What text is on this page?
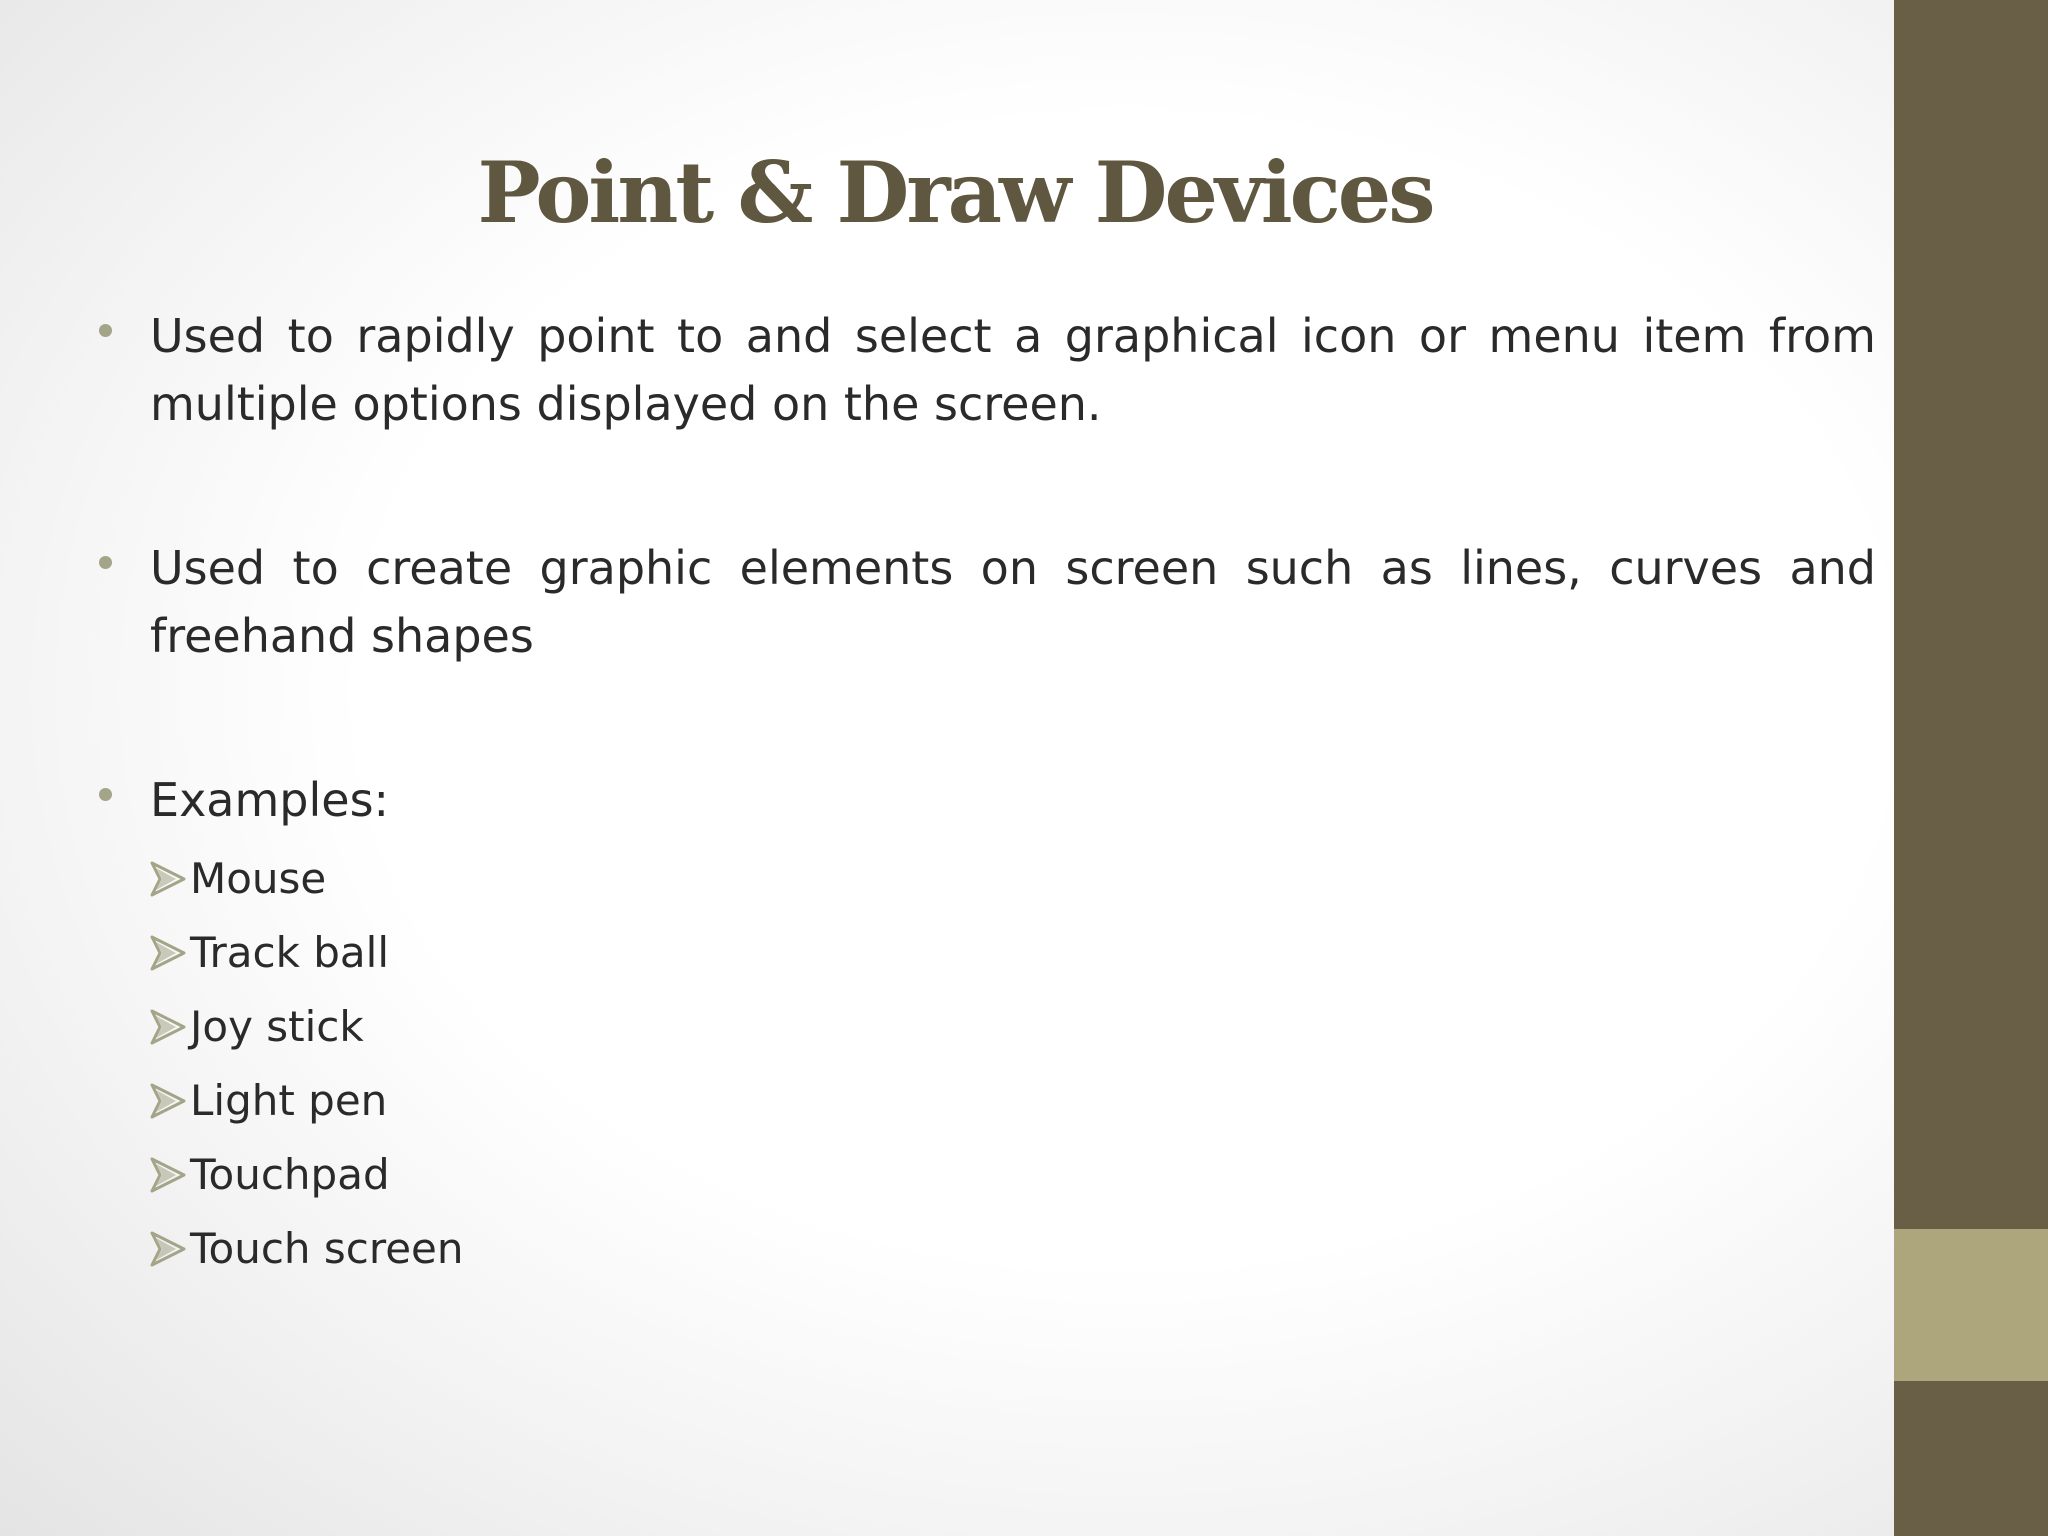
Point & Draw Devices
Used to rapidly point to and select a graphical icon or menu item from multiple options displayed on the screen.
Used to create graphic elements on screen such as lines, curves and freehand shapes
Examples:
Mouse
Track ball
Joy stick
Light pen
Touchpad
Touch screen
